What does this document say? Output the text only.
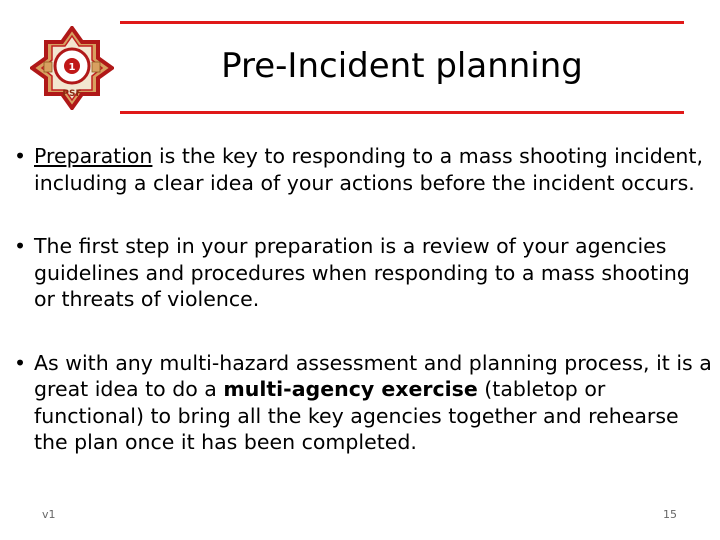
1
PSF
Pre-Incident planning
• Preparation is the key to responding to a mass shooting incident, including a clear idea of your actions before the incident occurs.
• The first step in your preparation is a review of your agencies guidelines and procedures when responding to a mass shooting or threats of violence.
• As with any multi-hazard assessment and planning process, it is a great idea to do a multi-agency exercise (tabletop or functional) to bring all the key agencies together and rehearse the plan once it has been completed.
v1	15
